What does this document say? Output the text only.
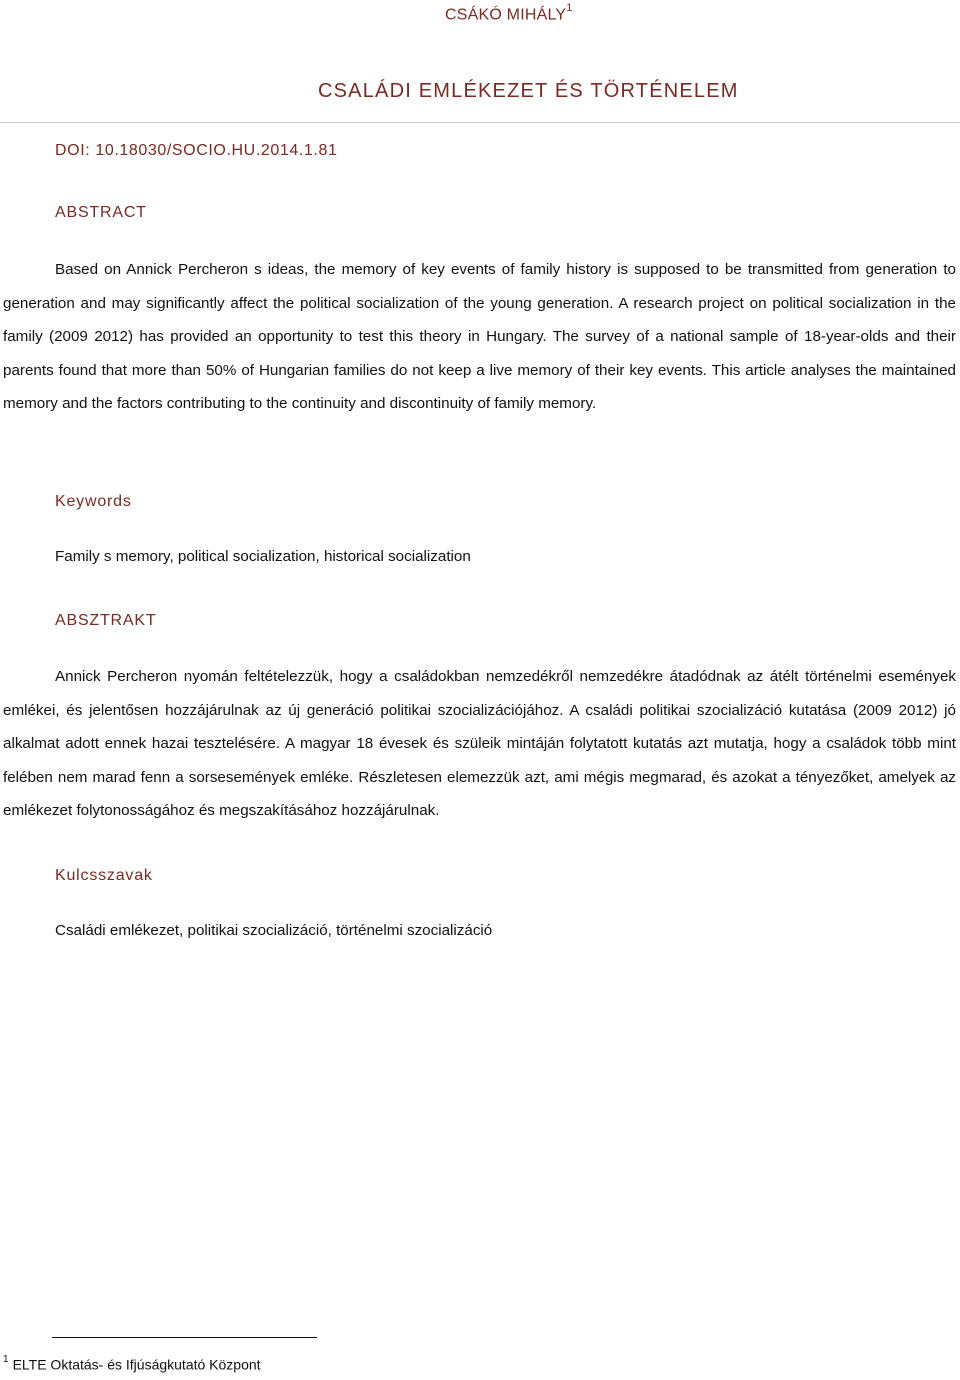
CSÁKÓ MIHÁLY$^1$
CSALÁDI EMLÉKEZET ÉS TÖRTÉNELEM
DOI: 10.18030/SOCIO.HU.2014.1.81
ABSTRACT

Based on Annick Percheron s ideas, the memory of key events of family history is supposed to be transmitted from generation to generation and may significantly affect the political socialization of the young generation. A research project on political socialization in the family (2009 2012) has provided an opportunity to test this theory in Hungary. The survey of a national sample of 18-year-olds and their parents found that more than 50% of Hungarian families do not keep a live memory of their key events. This article analyses the maintained memory and the factors contributing to the continuity and discontinuity of family memory.

Keywords

Family s memory, political socialization, historical socialization

ABSZTRAKT

Annick Percheron nyomán feltételezzük, hogy a családokban nemzedékről nemzedékre átadódnak az átélt történelmi események emlékei, és jelentősen hozzájárulnak az új generáció politikai szocializációjához. A családi politikai szocializáció kutatása (2009 2012) jó alkalmat adott ennek hazai tesztelésére. A magyar 18 évesek és szüleik mintáján folytatott kutatás azt mutatja, hogy a családok több mint felében nem marad fenn a sorsesemények emléke. Részletesen elemezzük azt, ami mégis megmarad, és azokat a tényezőket, amelyek az emlékezet folytonosságához és megszakításához hozzájárulnak.

Kulcsszavak

Családi emlékezet, politikai szocializáció, történelmi szocializáció

$^1$ ELTE Oktatás- és Ifjúságkutató Központ
